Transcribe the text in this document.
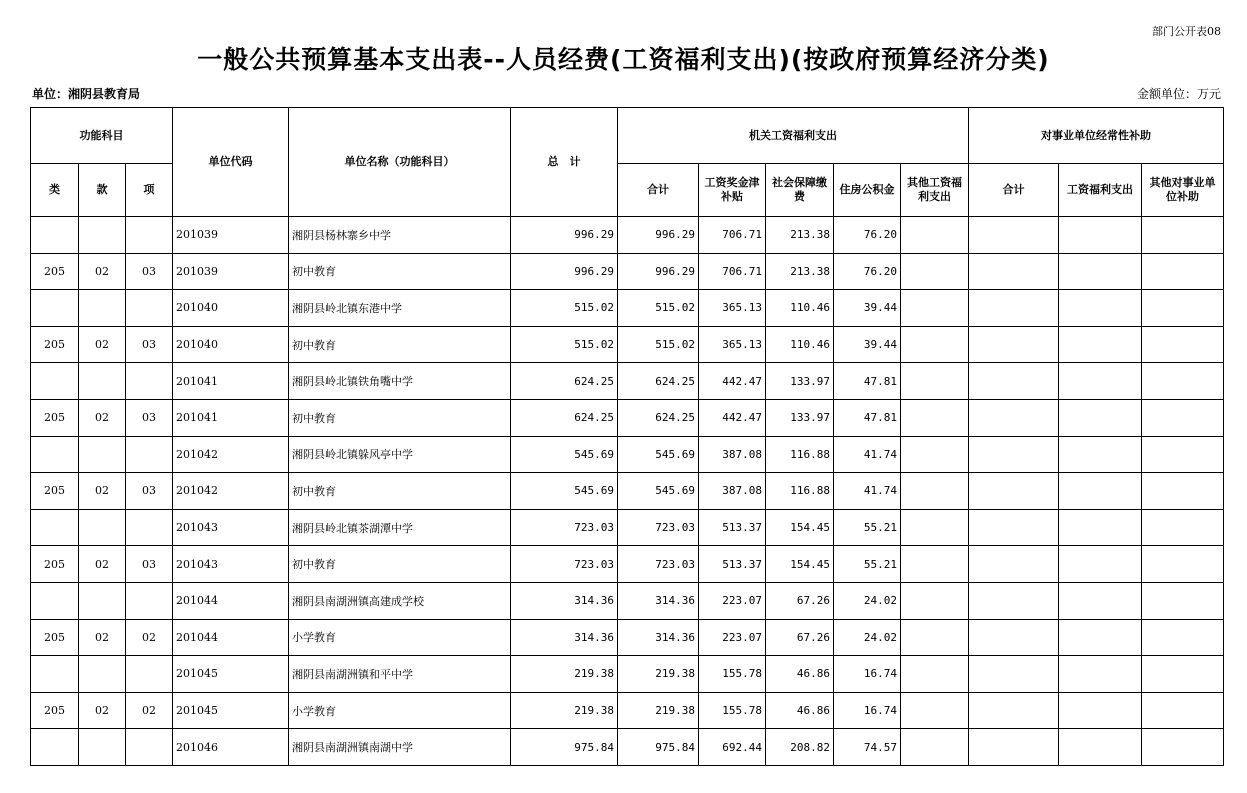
部门公开表08
一般公共预算基本支出表--人员经费(工资福利支出)(按政府预算经济分类)
单位：湘阴县教育局	金额单位：万元
功能科目			单位代码	单位名称（功能科目）	总　计	机关工资福利支出					对事业单位经常性补助		
类	款	项				合计	工资奖金津补贴	社会保障缴费	住房公积金	其他工资福利支出	合计	工资福利支出	其他对事业单位补助
			201039	湘阴县杨林寨乡中学	996.29	996.29	706.71	213.38	76.20				
205	02	03	201039	初中教育	996.29	996.29	706.71	213.38	76.20				
			201040	湘阴县岭北镇东港中学	515.02	515.02	365.13	110.46	39.44				
205	02	03	201040	初中教育	515.02	515.02	365.13	110.46	39.44				
			201041	湘阴县岭北镇铁角嘴中学	624.25	624.25	442.47	133.97	47.81				
205	02	03	201041	初中教育	624.25	624.25	442.47	133.97	47.81				
			201042	湘阴县岭北镇躲风亭中学	545.69	545.69	387.08	116.88	41.74				
205	02	03	201042	初中教育	545.69	545.69	387.08	116.88	41.74				
			201043	湘阴县岭北镇茶湖潭中学	723.03	723.03	513.37	154.45	55.21				
205	02	03	201043	初中教育	723.03	723.03	513.37	154.45	55.21				
			201044	湘阴县南湖洲镇高建成学校	314.36	314.36	223.07	67.26	24.02				
205	02	02	201044	小学教育	314.36	314.36	223.07	67.26	24.02				
			201045	湘阴县南湖洲镇和平中学	219.38	219.38	155.78	46.86	16.74				
205	02	02	201045	小学教育	219.38	219.38	155.78	46.86	16.74				
			201046	湘阴县南湖洲镇南湖中学	975.84	975.84	692.44	208.82	74.57				
